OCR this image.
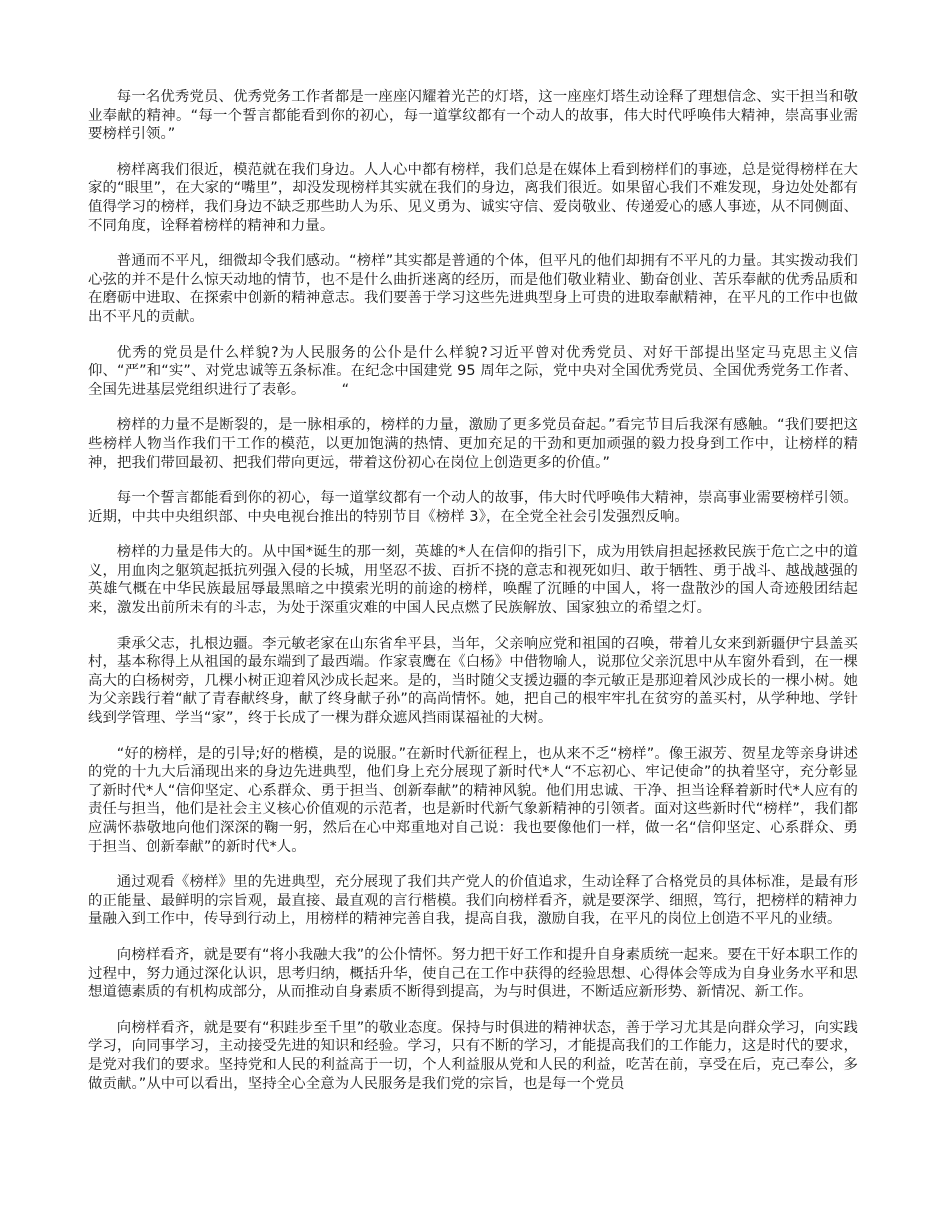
每一名优秀党员、优秀党务工作者都是一座座闪耀着光芒的灯塔，这一座座灯塔生动诠释了理想信念、实干担当和敬业奉献的精神。“每一个誓言都能看到你的初心，每一道掌纹都有一个动人的故事，伟大时代呼唤伟大精神，崇高事业需要榜样引领。”

榜样离我们很近，模范就在我们身边。人人心中都有榜样，我们总是在媒体上看到榜样们的事迹，总是觉得榜样在大家的“眼里”，在大家的“嘴里”，却没发现榜样其实就在我们的身边，离我们很近。如果留心我们不难发现，身边处处都有值得学习的榜样，我们身边不缺乏那些助人为乐、见义勇为、诚实守信、爱岗敬业、传递爱心的感人事迹，从不同侧面、不同角度，诠释着榜样的精神和力量。

普通而不平凡，细微却令我们感动。“榜样”其实都是普通的个体，但平凡的他们却拥有不平凡的力量。其实拨动我们心弦的并不是什么惊天动地的情节，也不是什么曲折迷离的经历，而是他们敬业精业、勤奋创业、苦乐奉献的优秀品质和在磨砺中进取、在探索中创新的精神意志。我们要善于学习这些先进典型身上可贵的进取奉献精神，在平凡的工作中也做出不平凡的贡献。

优秀的党员是什么样貌?为人民服务的公仆是什么样貌?习近平曾对优秀党员、对好干部提出坚定马克思主义信仰、“严”和“实”、对党忠诚等五条标准。在纪念中国建党 95 周年之际，党中央对全国优秀党员、全国优秀党务工作者、全国先进基层党组织进行了表彰。　　　“

榜样的力量不是断裂的，是一脉相承的，榜样的力量，激励了更多党员奋起。”看完节目后我深有感触。“我们要把这些榜样人物当作我们干工作的模范，以更加饱满的热情、更加充足的干劲和更加顽强的毅力投身到工作中，让榜样的精神，把我们带回最初、把我们带向更远，带着这份初心在岗位上创造更多的价值。”

每一个誓言都能看到你的初心，每一道掌纹都有一个动人的故事，伟大时代呼唤伟大精神，崇高事业需要榜样引领。近期，中共中央组织部、中央电视台推出的特别节目《榜样 3》，在全党全社会引发强烈反响。

榜样的力量是伟大的。从中国*诞生的那一刻，英雄的*人在信仰的指引下，成为用铁肩担起拯救民族于危亡之中的道义，用血肉之躯筑起抵抗列强入侵的长城，用坚忍不拔、百折不挠的意志和视死如归、敢于牺牲、勇于战斗、越战越强的英雄气概在中华民族最屈辱最黑暗之中摸索光明的前途的榜样，唤醒了沉睡的中国人，将一盘散沙的国人奇迹般团结起来，激发出前所未有的斗志，为处于深重灾难的中国人民点燃了民族解放、国家独立的希望之灯。

秉承父志，扎根边疆。李元敏老家在山东省牟平县，当年，父亲响应党和祖国的召唤，带着儿女来到新疆伊宁县盖买村，基本称得上从祖国的最东端到了最西端。作家袁鹰在《白杨》中借物喻人，说那位父亲沉思中从车窗外看到，在一棵高大的白杨树旁，几棵小树正迎着风沙成长起来。是的，当时随父支援边疆的李元敏正是那迎着风沙成长的一棵小树。她为父亲践行着“献了青春献终身，献了终身献子孙”的高尚情怀。她，把自己的根牢牢扎在贫穷的盖买村，从学种地、学针线到学管理、学当“家”，终于长成了一棵为群众遮风挡雨谋福祉的大树。

“好的榜样，是的引导;好的楷模，是的说服。”在新时代新征程上，也从来不乏“榜样”。像王淑芳、贺星龙等亲身讲述的党的十九大后涌现出来的身边先进典型，他们身上充分展现了新时代*人“不忘初心、牢记使命”的执着坚守，充分彰显了新时代*人“信仰坚定、心系群众、勇于担当、创新奉献”的精神风貌。他们用忠诚、干净、担当诠释着新时代*人应有的责任与担当，他们是社会主义核心价值观的示范者，也是新时代新气象新精神的引领者。面对这些新时代“榜样”，我们都应满怀恭敬地向他们深深的鞠一躬，然后在心中郑重地对自己说：我也要像他们一样，做一名“信仰坚定、心系群众、勇于担当、创新奉献”的新时代*人。

通过观看《榜样》里的先进典型，充分展现了我们共产党人的价值追求，生动诠释了合格党员的具体标准，是最有形的正能量、最鲜明的宗旨观，最直接、最直观的言行楷模。我们向榜样看齐，就是要深学、细照，笃行，把榜样的精神力量融入到工作中，传导到行动上，用榜样的精神完善自我，提高自我，激励自我，在平凡的岗位上创造不平凡的业绩。

向榜样看齐，就是要有“将小我融大我”的公仆情怀。努力把干好工作和提升自身素质统一起来。要在干好本职工作的过程中，努力通过深化认识，思考归纳，概括升华，使自己在工作中获得的经验思想、心得体会等成为自身业务水平和思想道德素质的有机构成部分，从而推动自身素质不断得到提高，为与时俱进，不断适应新形势、新情况、新工作。

向榜样看齐，就是要有“积跬步至千里”的敬业态度。保持与时俱进的精神状态，善于学习尤其是向群众学习，向实践学习，向同事学习，主动接受先进的知识和经验。学习，只有不断的学习，才能提高我们的工作能力，这是时代的要求，是党对我们的要求。坚持党和人民的利益高于一切，个人利益服从党和人民的利益，吃苦在前，享受在后，克己奉公，多做贡献。”从中可以看出，坚持全心全意为人民服务是我们党的宗旨，也是每一个党员
